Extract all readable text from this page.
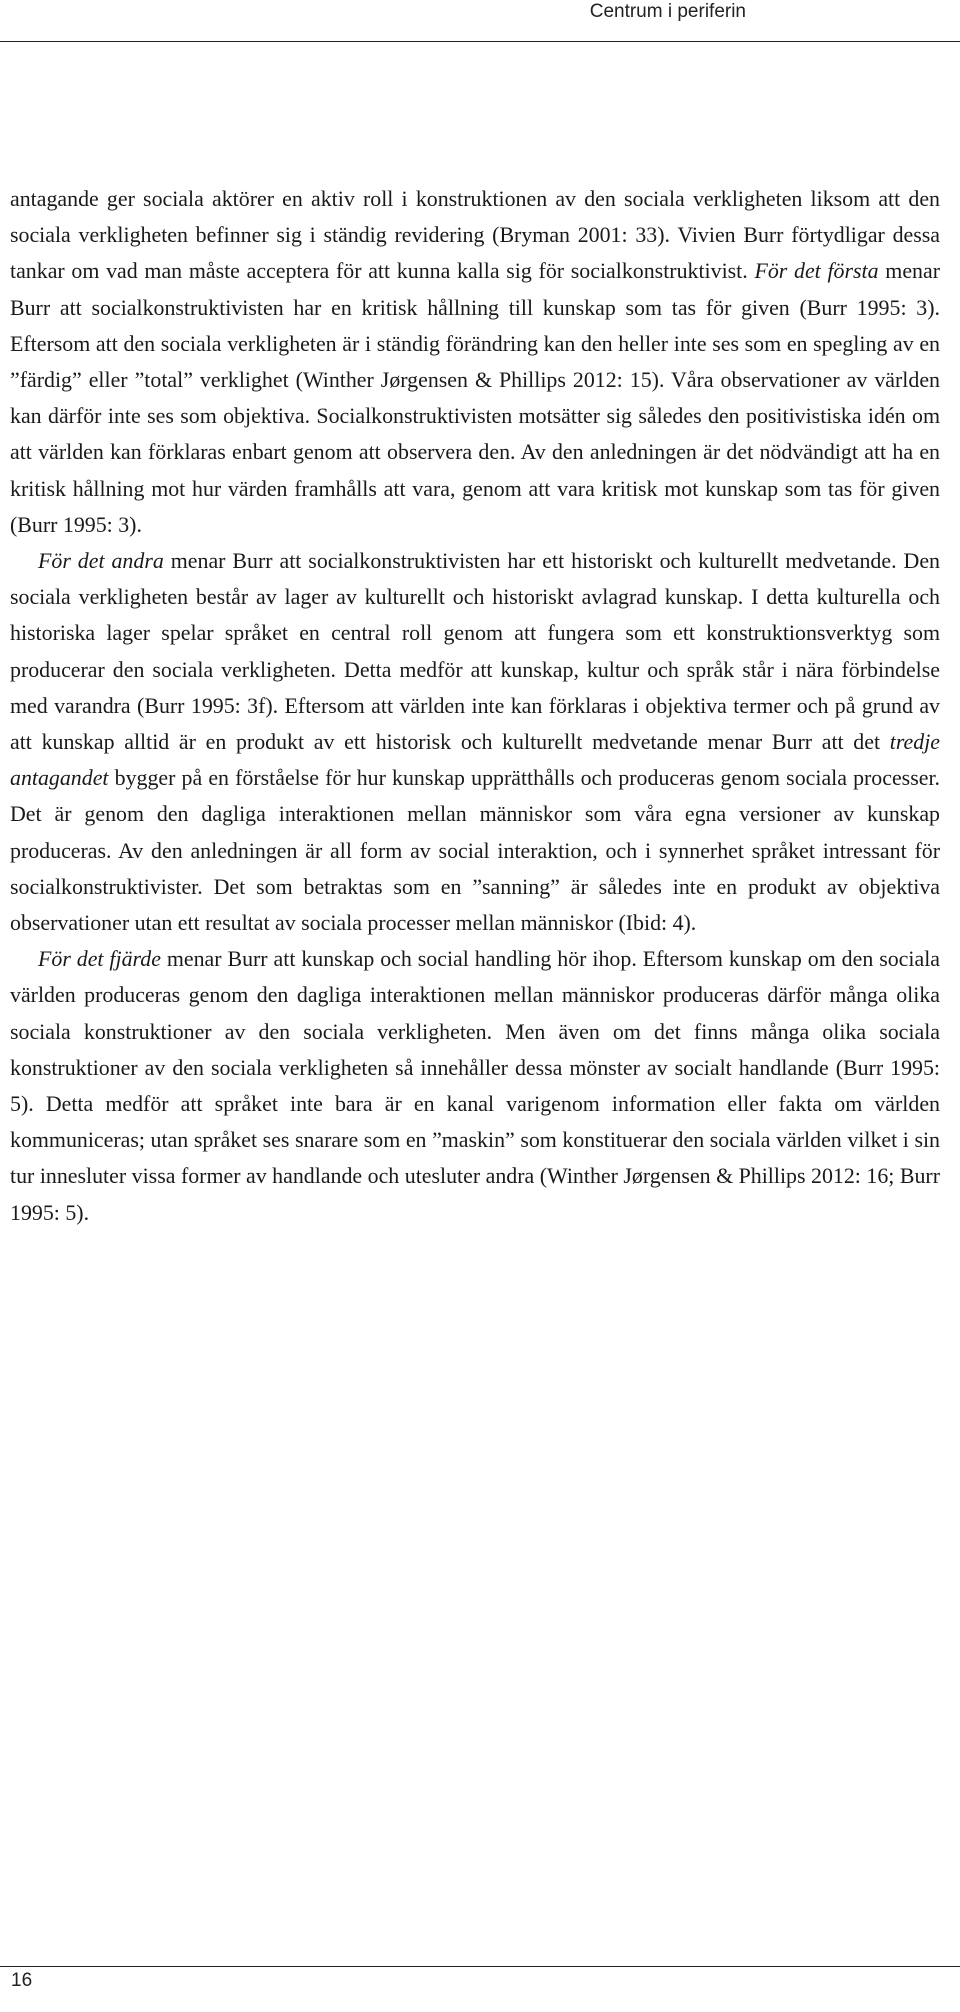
Centrum i periferin

antagande ger sociala aktörer en aktiv roll i konstruktionen av den sociala verkligheten liksom att den sociala verkligheten befinner sig i ständig revidering (Bryman 2001: 33). Vivien Burr förtydligar dessa tankar om vad man måste acceptera för att kunna kalla sig för socialkonstruktivist. För det första menar Burr att socialkonstruktivisten har en kritisk hållning till kunskap som tas för given (Burr 1995: 3). Eftersom att den sociala verkligheten är i ständig förändring kan den heller inte ses som en spegling av en ”färdig” eller ”total” verklighet (Winther Jørgensen & Phillips 2012: 15). Våra observationer av världen kan därför inte ses som objektiva. Socialkonstruktivisten motsätter sig således den positivistiska idén om att världen kan förklaras enbart genom att observera den. Av den anledningen är det nödvändigt att ha en kritisk hållning mot hur värden framhålls att vara, genom att vara kritisk mot kunskap som tas för given (Burr 1995: 3).

För det andra menar Burr att socialkonstruktivisten har ett historiskt och kulturellt medvetande. Den sociala verkligheten består av lager av kulturellt och historiskt avlagrad kunskap. I detta kulturella och historiska lager spelar språket en central roll genom att fungera som ett konstruktionsverktyg som producerar den sociala verkligheten. Detta medför att kunskap, kultur och språk står i nära förbindelse med varandra (Burr 1995: 3f). Eftersom att världen inte kan förklaras i objektiva termer och på grund av att kunskap alltid är en produkt av ett historisk och kulturellt medvetande menar Burr att det tredje antagandet bygger på en förståelse för hur kunskap upprätthålls och produceras genom sociala processer. Det är genom den dagliga interaktionen mellan människor som våra egna versioner av kunskap produceras. Av den anledningen är all form av social interaktion, och i synnerhet språket intressant för socialkonstruktivister. Det som betraktas som en ”sanning” är således inte en produkt av objektiva observationer utan ett resultat av sociala processer mellan människor (Ibid: 4).

För det fjärde menar Burr att kunskap och social handling hör ihop. Eftersom kunskap om den sociala världen produceras genom den dagliga interaktionen mellan människor produceras därför många olika sociala konstruktioner av den sociala verkligheten. Men även om det finns många olika sociala konstruktioner av den sociala verkligheten så innehåller dessa mönster av socialt handlande (Burr 1995: 5). Detta medför att språket inte bara är en kanal varigenom information eller fakta om världen kommuniceras; utan språket ses snarare som en ”maskin” som konstituerar den sociala världen vilket i sin tur innesluter vissa former av handlande och utesluter andra (Winther Jørgensen & Phillips 2012: 16; Burr 1995: 5).

16
